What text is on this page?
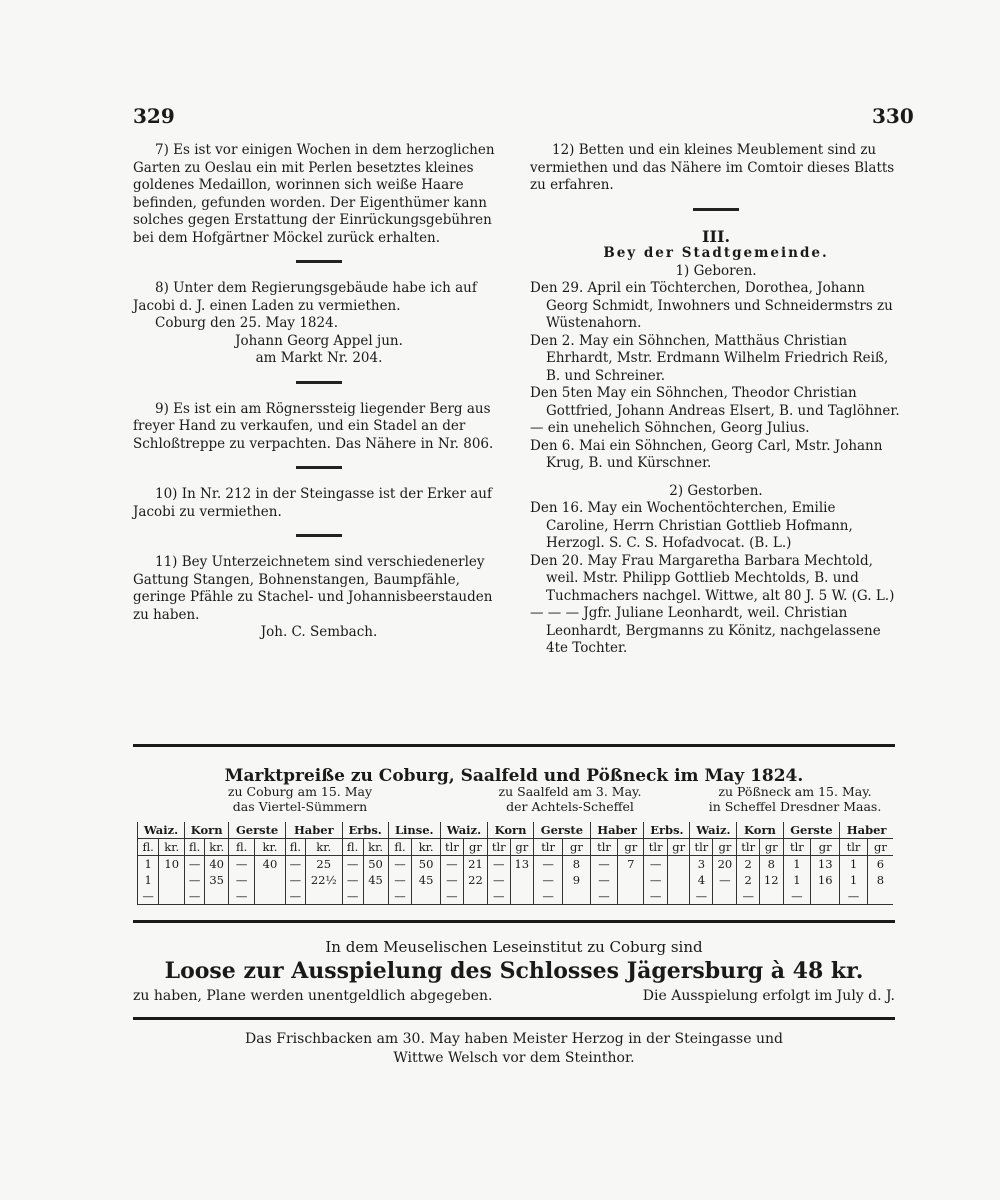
329	330

7) Es ist vor einigen Wochen in dem herzoglichen Garten zu Oeslau ein mit Perlen besetztes kleines goldenes Medaillon, worinnen sich weiße Haare befinden, gefunden worden. Der Eigenthümer kann solches gegen Erstattung der Einrückungsgebühren bei dem Hofgärtner Möckel zurück erhalten.

8) Unter dem Regierungsgebäude habe ich auf Jacobi d. J. einen Laden zu vermiethen.

Coburg den 25. May 1824.

Johann Georg Appel jun.

am Markt Nr. 204.

9) Es ist ein am Rögnerssteig liegender Berg aus freyer Hand zu verkaufen, und ein Stadel an der Schloßtreppe zu verpachten. Das Nähere in Nr. 806.

10) In Nr. 212 in der Steingasse ist der Erker auf Jacobi zu vermiethen.

11) Bey Unterzeichnetem sind verschiedenerley Gattung Stangen, Bohnenstangen, Baumpfähle, geringe Pfähle zu Stachel- und Johannisbeerstauden zu haben.

Joh. C. Sembach.

12) Betten und ein kleines Meublement sind zu vermiethen und das Nähere im Comtoir dieses Blatts zu erfahren.

III.

Bey der Stadtgemeinde.

1) Geboren.

Den 29. April ein Töchterchen, Dorothea, Johann Georg Schmidt, Inwohners und Schneidermstrs zu Wüstenahorn.

Den 2. May ein Söhnchen, Matthäus Christian Ehrhardt, Mstr. Erdmann Wilhelm Friedrich Reiß, B. und Schreiner.

Den 5ten May ein Söhnchen, Theodor Christian Gottfried, Johann Andreas Elsert, B. und Taglöhner.

— ein unehelich Söhnchen, Georg Julius.

Den 6. Mai ein Söhnchen, Georg Carl, Mstr. Johann Krug, B. und Kürschner.

2) Gestorben.

Den 16. May ein Wochentöchterchen, Emilie Caroline, Herrn Christian Gottlieb Hofmann, Herzogl. S. C. S. Hofadvocat. (B. L.)

Den 20. May Frau Margaretha Barbara Mechtold, weil. Mstr. Philipp Gottlieb Mechtolds, B. und Tuchmachers nachgel. Wittwe, alt 80 J. 5 W. (G. L.)

— — — Jgfr. Juliane Leonhardt, weil. Christian Leonhardt, Bergmanns zu Könitz, nachgelassene 4te Tochter.

Marktpreiße zu Coburg, Saalfeld und Pößneck im May 1824.
zu Coburg am 15. May
das Viertel-Sümmern
zu Saalfeld am 3. May.
der Achtels-Scheffel
zu Pößneck am 15. May.
in Scheffel Dresdner Maas.
Waiz.		Korn		Gerste		Haber		Erbs.		Linse.		Waiz.		Korn		Gerste		Haber		Erbs.		Waiz.		Korn		Gerste		Haber	
fl.	kr.	fl.	kr.	fl.	kr.	fl.	kr.	fl.	kr.	fl.	kr.	tlr	gr	tlr	gr	tlr	gr	tlr	gr	tlr	gr	tlr	gr	tlr	gr	tlr	gr	tlr	gr
1	10	—	40	—	40	—	25	—	50	—	50	—	21	—	13	—	8	—	7	—		3	20	2	8	1	13	1	6
1		—	35	—		—	22½	—	45	—	45	—	22	—		—	9	—		—		4	—	2	12	1	16	1	8
—		—		—		—		—		—		—		—		—		—		—		—		—		—		—	
In dem Meuselischen Leseinstitut zu Coburg sind
Loose zur Ausspielung des Schlosses Jägersburg à 48 kr.
zu haben, Plane werden unentgeldlich abgegeben.	Die Ausspielung erfolgt im July d. J.
Das Frischbacken am 30. May haben Meister Herzog in der Steingasse und
Wittwe Welsch vor dem Steinthor.
